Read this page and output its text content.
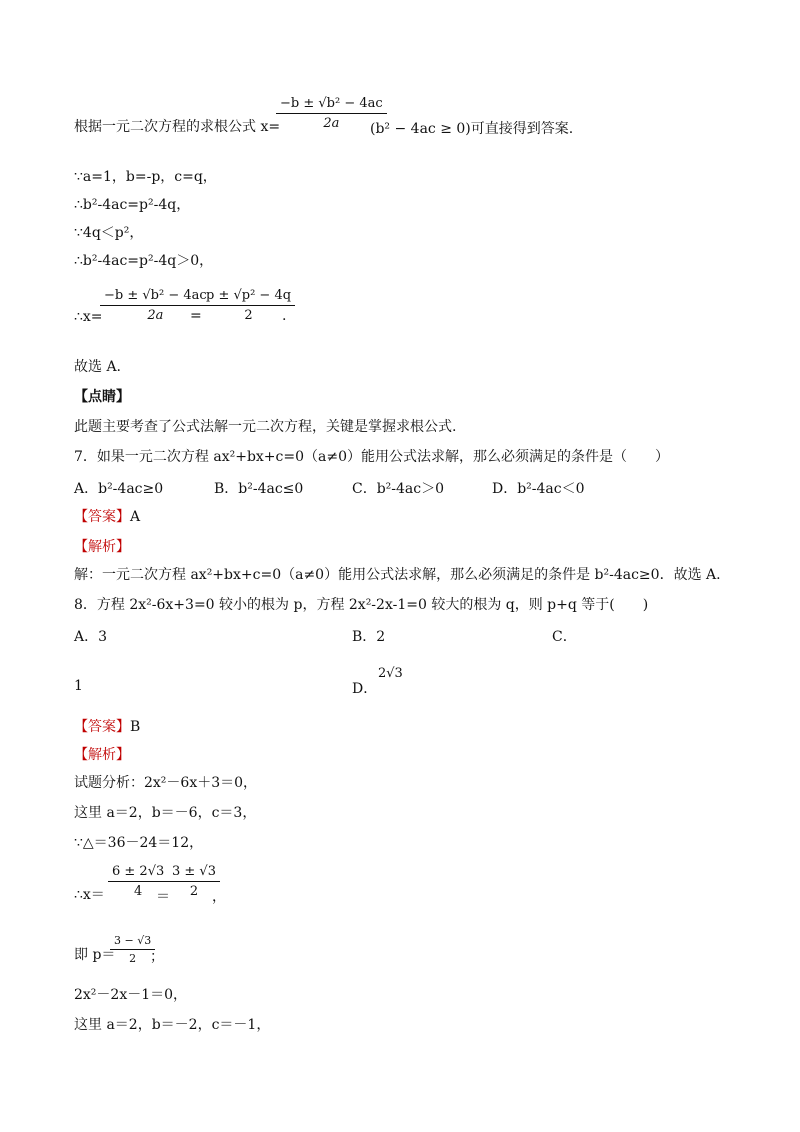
根据一元二次方程的求根公式 x=
$\frac{\text{−b ± √b² − 4ac}}{2a}$
(b² − 4ac ≥ 0)可直接得到答案.
∵a=1，b=-p，c=q，
∴b²-4ac=p²-4q，
∵4q＜p²，
∴b²-4ac=p²-4q＞0，
∴x=
$\frac{\text{−b ± √b² − 4ac}}{2a}$
= $\frac{\text{p ± √p² − 4q}}{2}$
.
故选 A.
【点睛】
此题主要考查了公式法解一元二次方程，关键是掌握求根公式.
7．如果一元二次方程 ax²+bx+c=0（a≠0）能用公式法求解，那么必须满足的条件是（　　）
A．b²-4ac≥0	B．b²-4ac≤0	C．b²-4ac＞0	D．b²-4ac＜0
【答案】A
【解析】
解：一元二次方程 ax²+bx+c=0（a≠0）能用公式法求解，那么必须满足的条件是 b²-4ac≥0．故选 A.
8．方程 2x²-6x+3=0 较小的根为 p，方程 2x²-2x-1=0 较大的根为 q，则 p+q 等于(　　)
A．3	B．2	C．
1	D．
2√3
【答案】B
【解析】
试题分析：2x²－6x＋3＝0，
这里 a＝2，b＝－6，c＝3，
∵△＝36－24＝12，
∴x＝ $\frac{6 \pm 2√3}{4}$
＝
$\frac{3 \pm √3}{2}$
，
即 p＝
$\frac{3 - √3}{2}$
；
2x²－2x－1＝0，
这里 a＝2，b＝－2，c＝－1，
